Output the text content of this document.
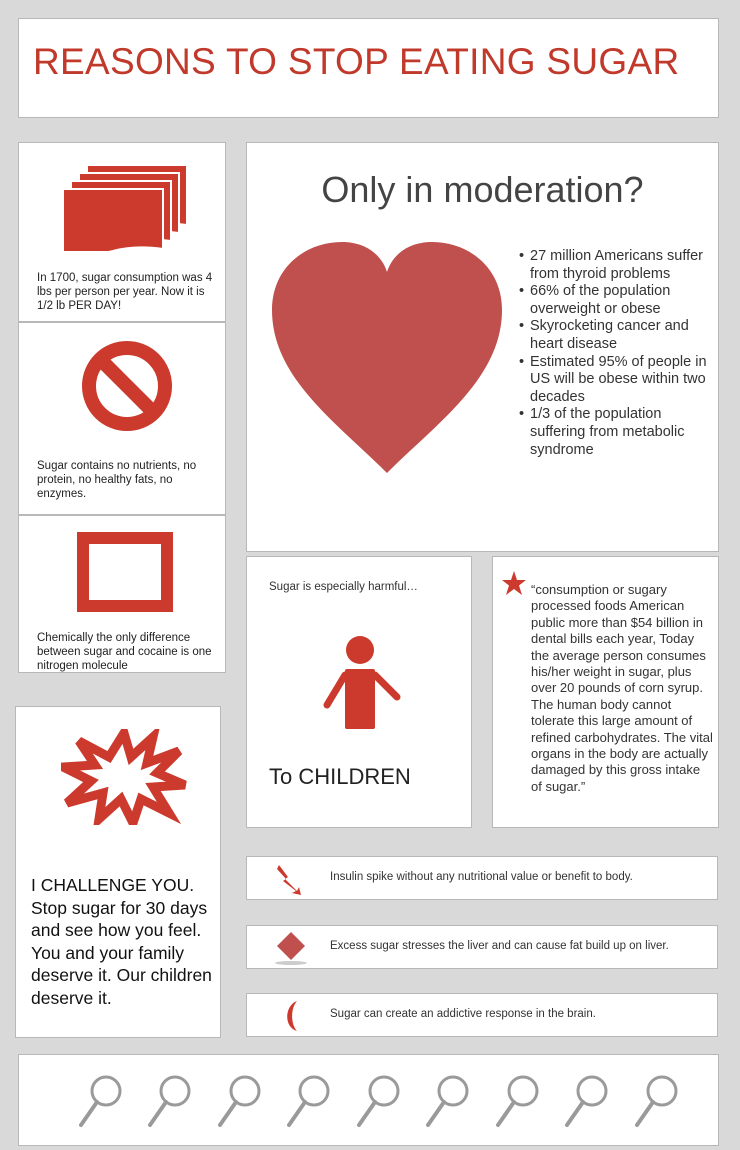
REASONS TO STOP EATING SUGAR

In 1700, sugar consumption was 4 lbs per person per year. Now it is 1/2 lb PER DAY!

Sugar contains no nutrients, no protein, no healthy fats, no enzymes.

Chemically the only difference between sugar and cocaine is one nitrogen molecule

Only in moderation?
• 27 million Americans suffer from thyroid problems
• 66% of the population overweight or obese
• Skyrocketing cancer and heart disease
• Estimated 95% of people in US will be obese within two decades
• 1/3 of the population suffering from metabolic syndrome

Sugar is especially harmful…

To CHILDREN

“consumption or sugary processed foods American public more than $54 billion in dental bills each year, Today the average person consumes his/her weight in sugar, plus over 20 pounds of corn syrup. The human body cannot tolerate this large amount of refined carbohydrates. The vital organs in the body are actually damaged by this gross intake of sugar.”

I CHALLENGE YOU. Stop sugar for 30 days and see how you feel. You and your family deserve it. Our children deserve it.

Insulin spike without any nutritional value or benefit to body.

Excess sugar stresses the liver and can cause fat build up on liver.

Sugar can create an addictive response in the brain.
